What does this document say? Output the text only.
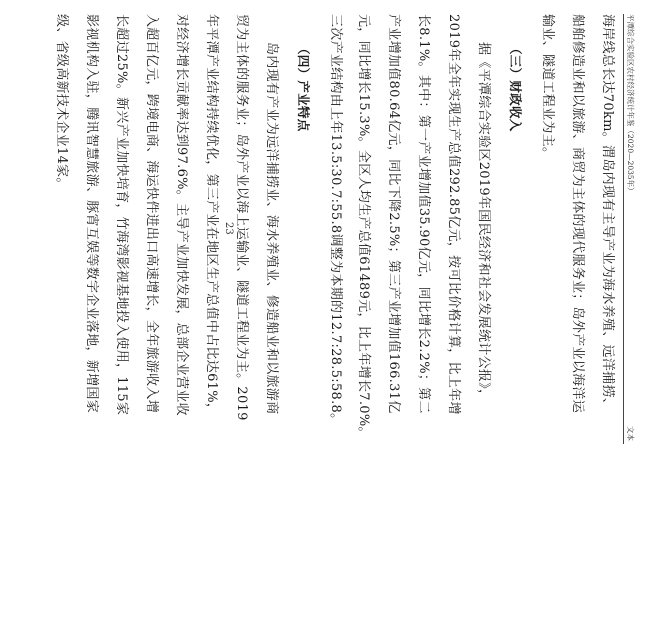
平潭综合实验区农村经济统计年鉴（2020—2035年）
文本
海岸线总长达70km。渭岛内现有主导产业为海水养殖、远洋捕捞、
船舶修造业和以旅游、商贸为主体的现代服务业；岛外产业以海洋运
输业、隧道工程业为主。
（三）财政收入
据《平潭综合实验区2019年国民经济和社会发展统计公报》，
2019年全年实现生产总值292.85亿元，按可比价格计算，比上年增
长8.1%。其中：第一产业增加值35.90亿元，同比增长2.2%；第二
产业增加值80.64亿元，同比下降2.5%；第三产业增加值166.31亿
元，同比增长15.3%。全区人均生产总值61489元，比上年增长7.0%。
三次产业结构由上年13.5:30.7:55.8调整为本期的12.7:28.5:58.8。
（四）产业特点
岛内现有产业为远洋捕捞业、海水养殖业、修造船业和以旅游商
贸为主体的服务业；岛外产业以海上运输业、隧道工程业为主。2019
年平潭产业结构持续优化，第三产业在地区生产总值中占比达61%，
对经济增长贡献率达到97.6%。主导产业加快发展，总部企业营业收
入超百亿元，跨境电商、海运快件进出口高速增长，全年旅游收入增
长超过25%。新兴产业加快培育，竹海湾影视基地投入使用，115家
影视机构入驻，腾讯智慧旅游、豚宵互娱等数字企业落地，新增国家
级、省级高新技术企业14家。
23
